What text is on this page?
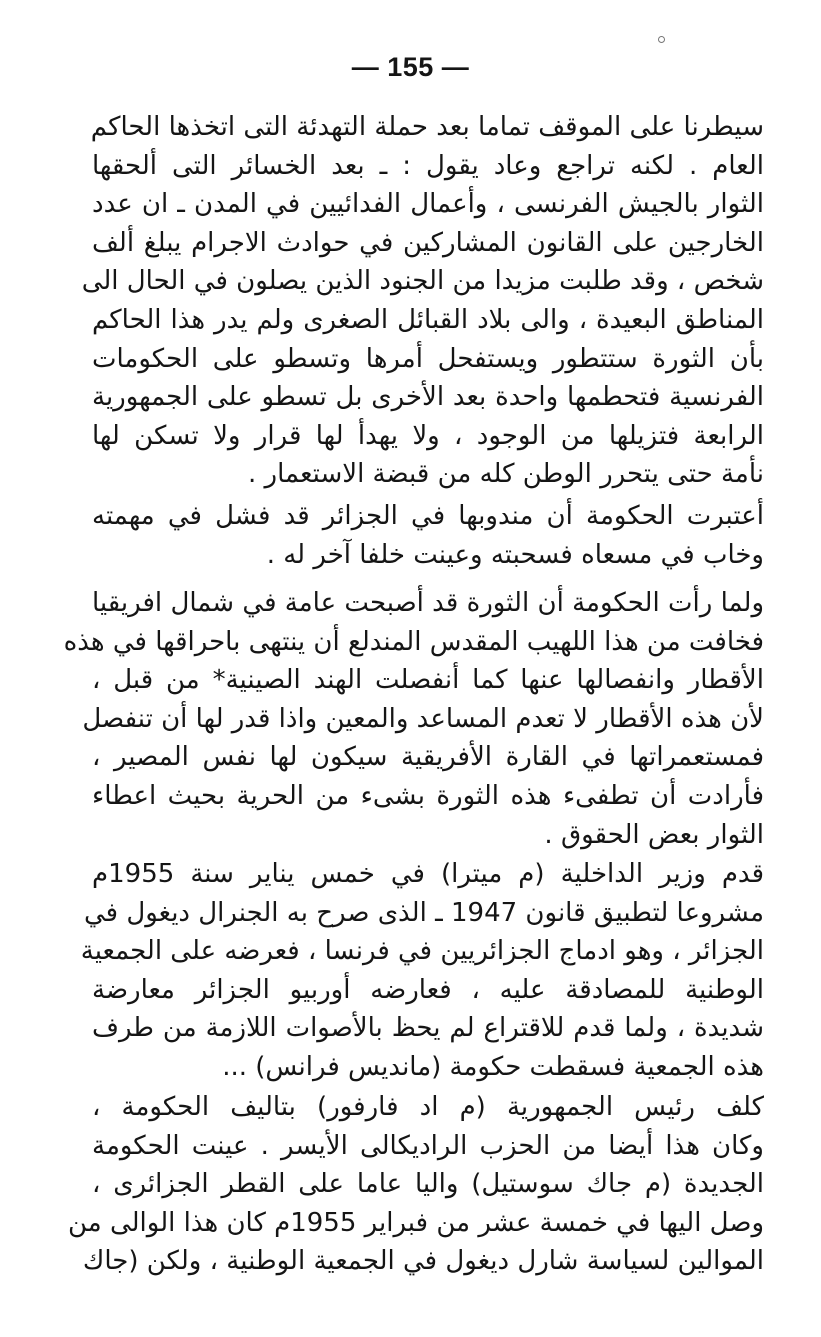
— 155 —

سيطرنا على الموقف تماما بعد حملة التهدئة التى اتخذها الحاكم
العام . لكنه تراجع وعاد يقول : ـ بعد الخسائر التى ألحقها
الثوار بالجيش الفرنسى ، وأعمال الفدائيين في المدن ـ ان عدد
الخارجين على القانون المشاركين في حوادث الاجرام يبلغ ألف
شخص ، وقد طلبت مزيدا من الجنود الذين يصلون في الحال الى
المناطق البعيدة ، والى بلاد القبائل الصغرى ولم يدر هذا الحاكم
بأن الثورة ستتطور ويستفحل أمرها وتسطو على الحكومات
الفرنسية فتحطمها واحدة بعد الأخرى بل تسطو على الجمهورية
الرابعة فتزيلها من الوجود ، ولا يهدأ لها قرار ولا تسكن لها
نأمة حتى يتحرر الوطن كله من قبضة الاستعمار .

أعتبرت الحكومة أن مندوبها في الجزائر قد فشل في مهمته
وخاب في مسعاه فسحبته وعينت خلفا آخر له .

ولما رأت الحكومة أن الثورة قد أصبحت عامة في شمال افريقيا
فخافت من هذا اللهيب المقدس المندلع أن ينتهى باحراقها في هذه
الأقطار وانفصالها عنها كما أنفصلت الهند الصينية* من قبل ،
لأن هذه الأقطار لا تعدم المساعد والمعين واذا قدر لها أن تنفصل
فمستعمراتها في القارة الأفريقية سيكون لها نفس المصير ،
فأرادت أن تطفىء هذه الثورة بشىء من الحرية بحيث اعطاء
الثوار بعض الحقوق .

قدم وزير الداخلية (م ميترا) في خمس يناير سنة 1955م
مشروعا لتطبيق قانون 1947 ـ الذى صرح به الجنرال ديغول في
الجزائر ، وهو ادماج الجزائريين في فرنسا ، فعرضه على الجمعية
الوطنية للمصادقة عليه ، فعارضه أوربيو الجزائر معارضة
شديدة ، ولما قدم للاقتراع لم يحظ بالأصوات اللازمة من طرف
هذه الجمعية فسقطت حكومة (مانديس فرانس) ...

كلف رئيس الجمهورية (م اد فارفور) بتاليف الحكومة ،
وكان هذا أيضا من الحزب الراديكالى الأيسر . عينت الحكومة
الجديدة (م جاك سوستيل) واليا عاما على القطر الجزائرى ،
وصل اليها في خمسة عشر من فبراير 1955م كان هذا الوالى من
الموالين لسياسة شارل ديغول في الجمعية الوطنية ، ولكن (جاك
